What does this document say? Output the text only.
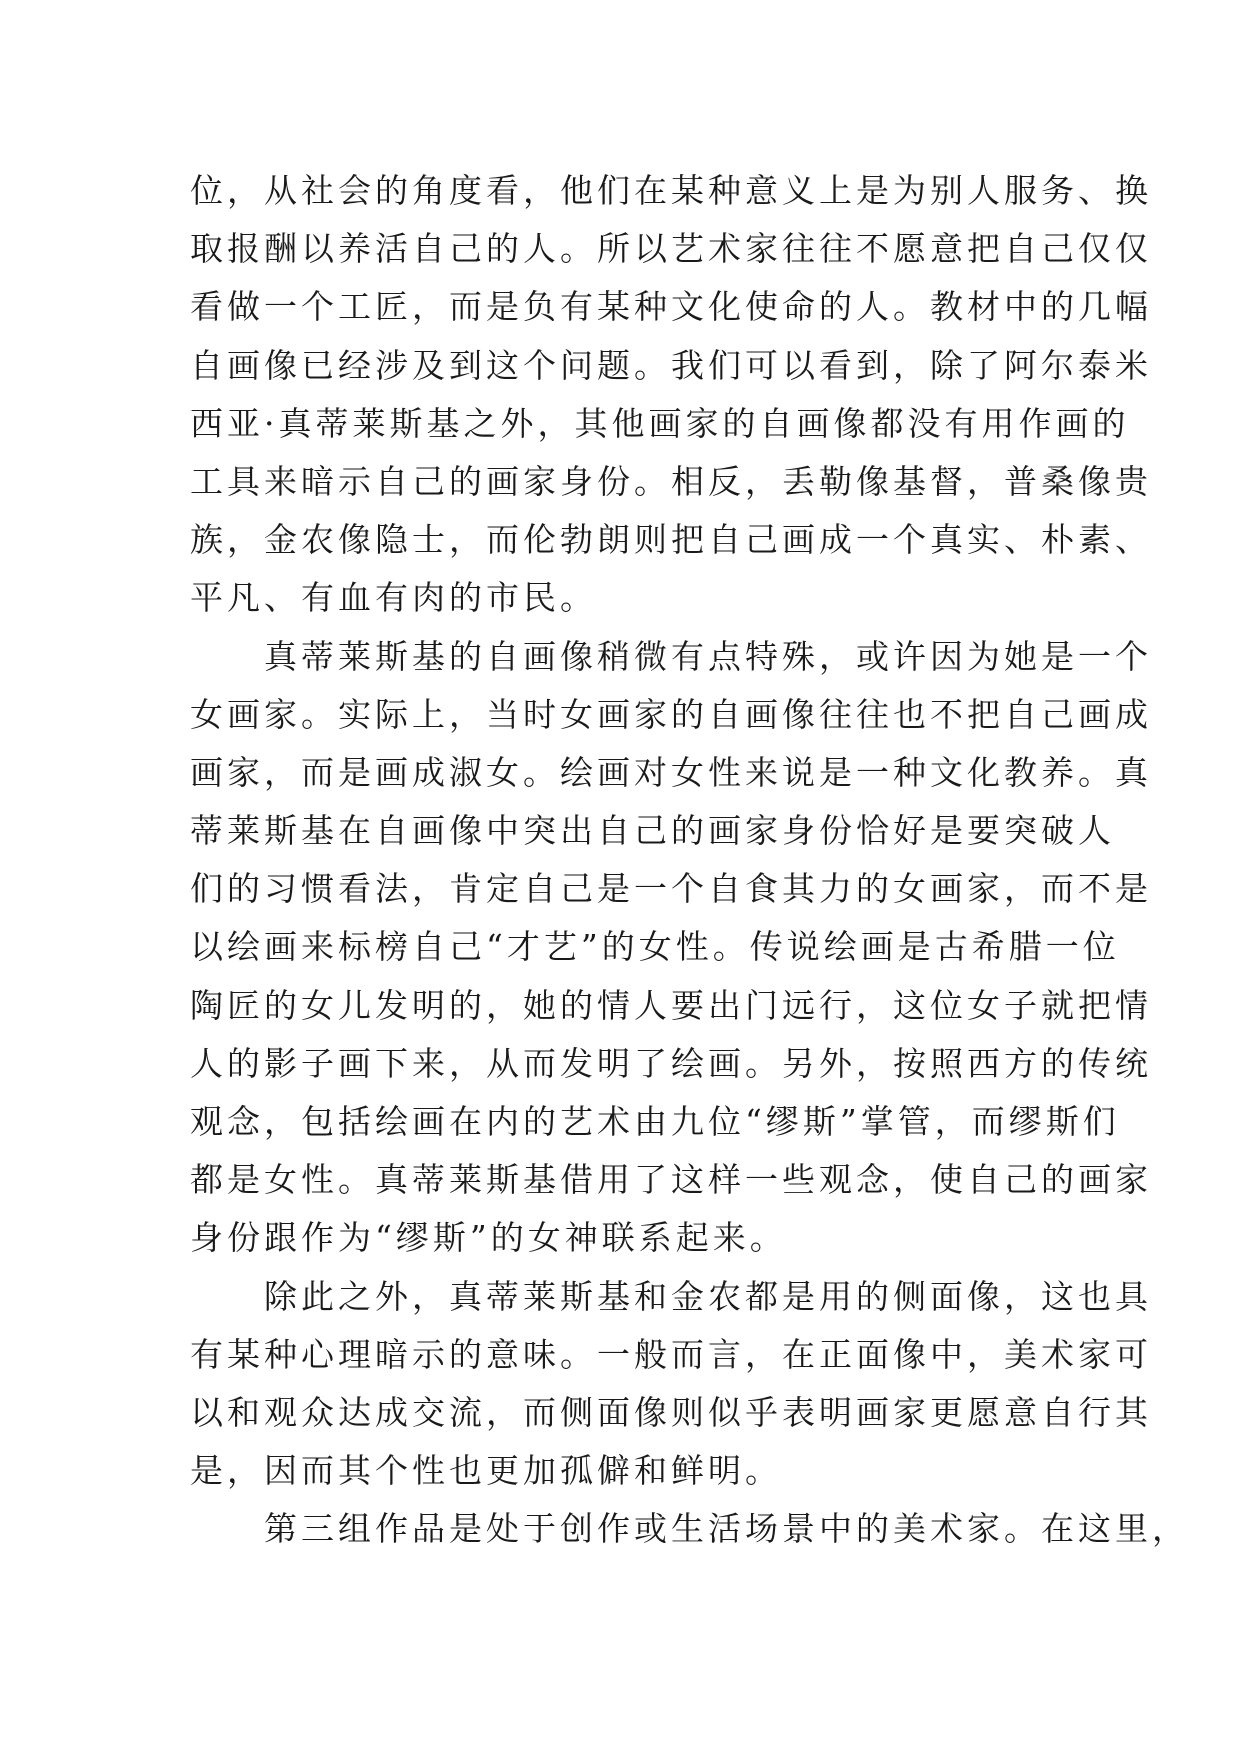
位，从社会的角度看，他们在某种意义上是为别人服务、换
取报酬以养活自己的人。所以艺术家往往不愿意把自己仅仅
看做一个工匠，而是负有某种文化使命的人。教材中的几幅
自画像已经涉及到这个问题。我们可以看到，除了阿尔泰米
西亚·真蒂莱斯基之外，其他画家的自画像都没有用作画的
工具来暗示自己的画家身份。相反，丢勒像基督，普桑像贵
族，金农像隐士，而伦勃朗则把自己画成一个真实、朴素、
平凡、有血有肉的市民。
　　真蒂莱斯基的自画像稍微有点特殊，或许因为她是一个
女画家。实际上，当时女画家的自画像往往也不把自己画成
画家，而是画成淑女。绘画对女性来说是一种文化教养。真
蒂莱斯基在自画像中突出自己的画家身份恰好是要突破人
们的习惯看法，肯定自己是一个自食其力的女画家，而不是
以绘画来标榜自己“才艺”的女性。传说绘画是古希腊一位
陶匠的女儿发明的，她的情人要出门远行，这位女子就把情
人的影子画下来，从而发明了绘画。另外，按照西方的传统
观念，包括绘画在内的艺术由九位“缪斯”掌管，而缪斯们
都是女性。真蒂莱斯基借用了这样一些观念，使自己的画家
身份跟作为“缪斯”的女神联系起来。
　　除此之外，真蒂莱斯基和金农都是用的侧面像，这也具
有某种心理暗示的意味。一般而言，在正面像中，美术家可
以和观众达成交流，而侧面像则似乎表明画家更愿意自行其
是，因而其个性也更加孤僻和鲜明。
　　第三组作品是处于创作或生活场景中的美术家。在这里，
